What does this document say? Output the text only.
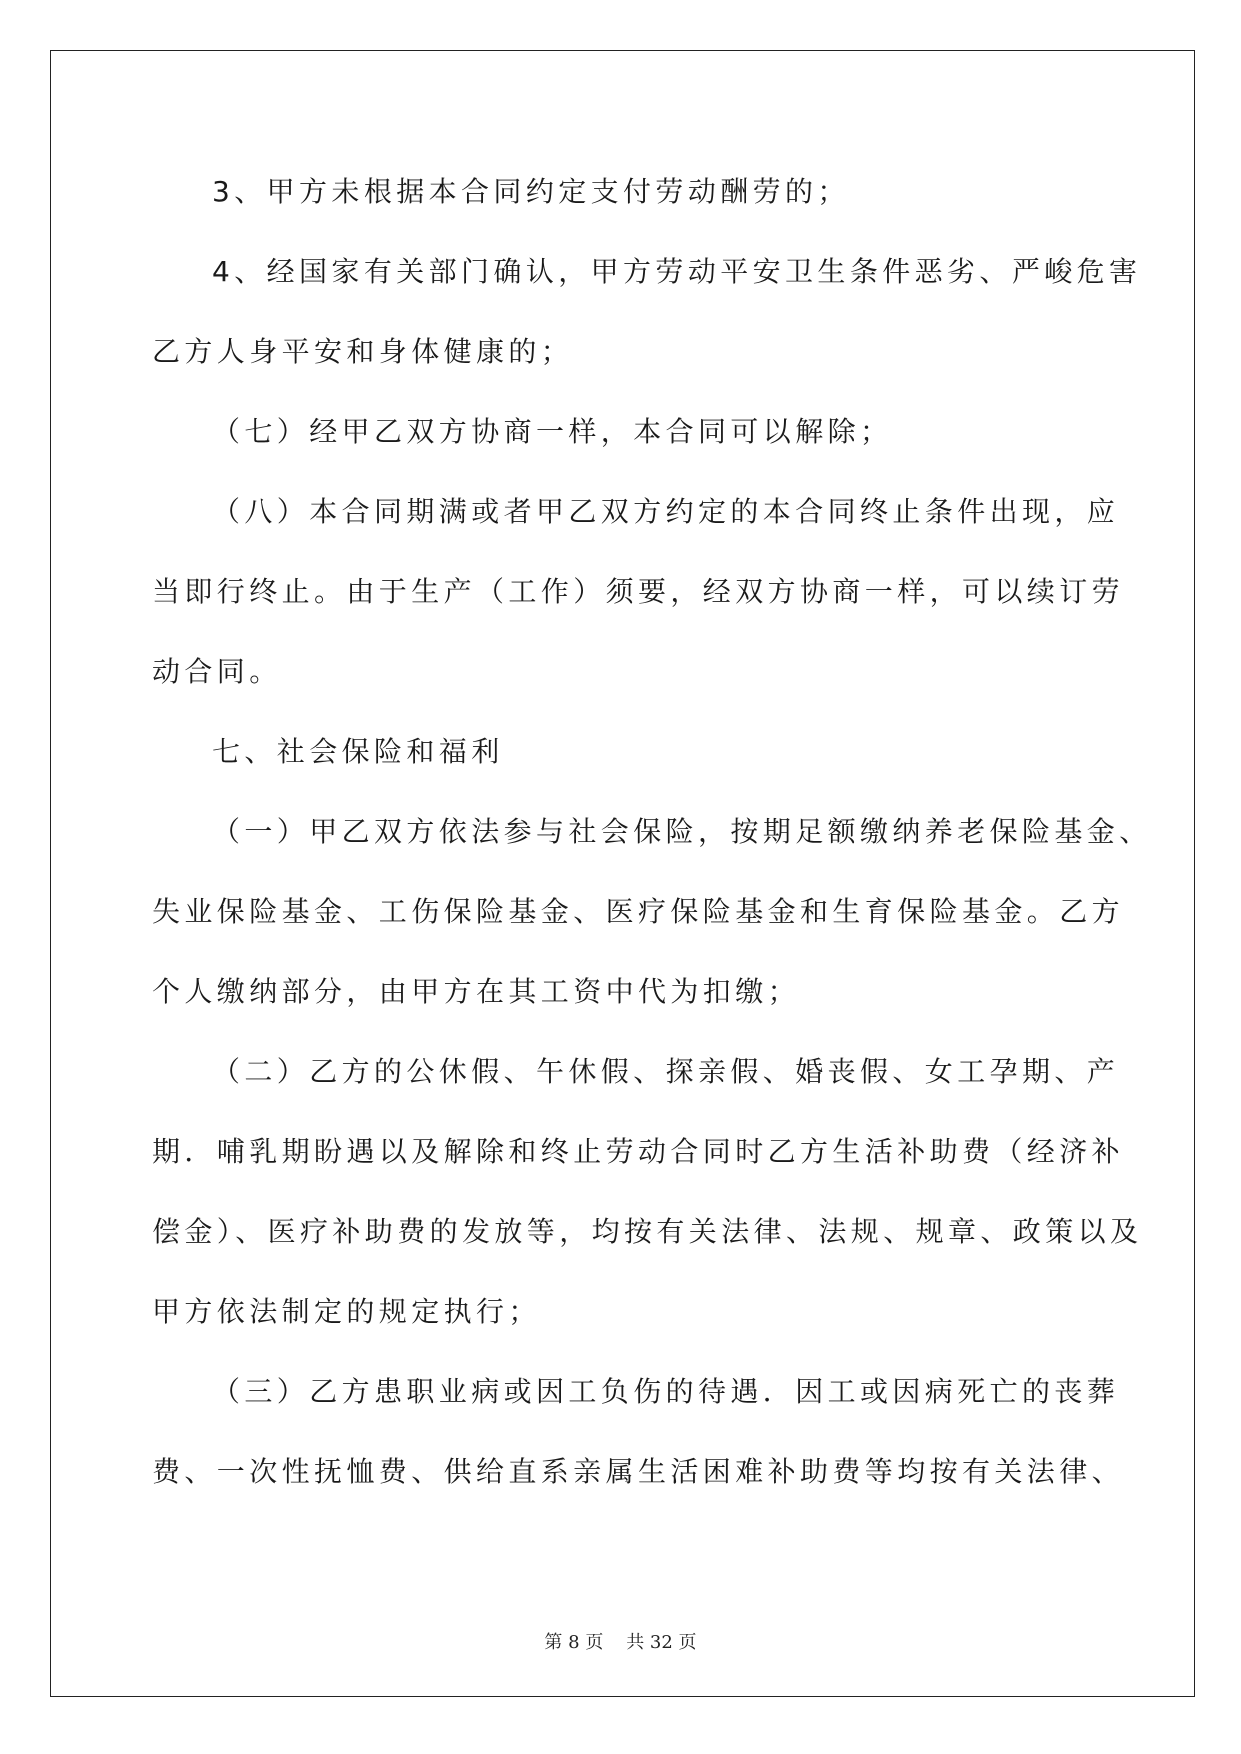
3、甲方未根据本合同约定支付劳动酬劳的；
4、经国家有关部门确认，甲方劳动平安卫生条件恶劣、严峻危害
乙方人身平安和身体健康的；
（七）经甲乙双方协商一样，本合同可以解除；
（八）本合同期满或者甲乙双方约定的本合同终止条件出现，应
当即行终止。由于生产（工作）须要，经双方协商一样，可以续订劳
动合同。
七、社会保险和福利
（一）甲乙双方依法参与社会保险，按期足额缴纳养老保险基金、
失业保险基金、工伤保险基金、医疗保险基金和生育保险基金。乙方
个人缴纳部分，由甲方在其工资中代为扣缴；
（二）乙方的公休假、午休假、探亲假、婚丧假、女工孕期、产
期．哺乳期盼遇以及解除和终止劳动合同时乙方生活补助费（经济补
偿金）、医疗补助费的发放等，均按有关法律、法规、规章、政策以及
甲方依法制定的规定执行；
（三）乙方患职业病或因工负伤的待遇．因工或因病死亡的丧葬
费、一次性抚恤费、供给直系亲属生活困难补助费等均按有关法律、
第 8 页    共 32 页
